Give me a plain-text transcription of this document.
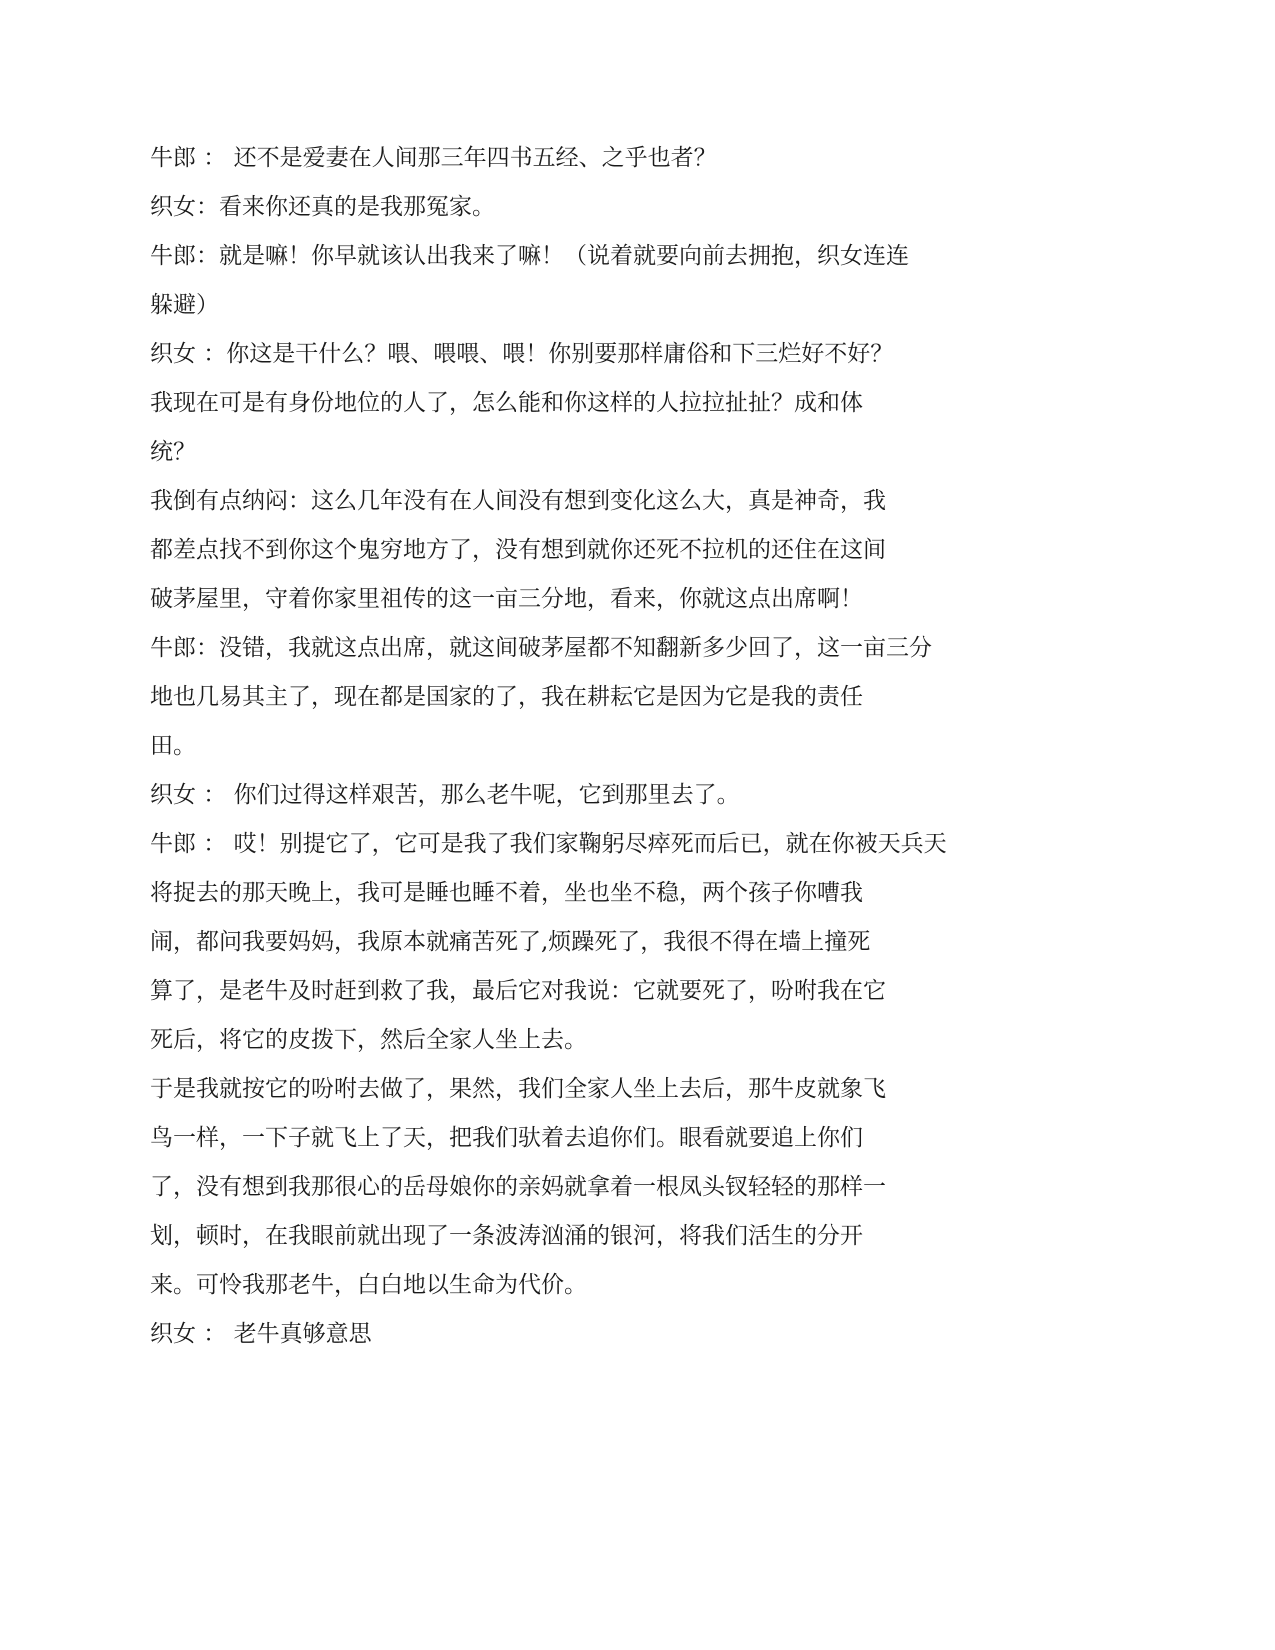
牛郎 ： 还不是爱妻在人间那三年四书五经、之乎也者？

织女：看来你还真的是我那冤家。

牛郎：就是嘛！你早就该认出我来了嘛！（说着就要向前去拥抱，织女连连

躲避）

织女 ：你这是干什么？喂、喂喂、喂！你别要那样庸俗和下三烂好不好？

我现在可是有身份地位的人了，怎么能和你这样的人拉拉扯扯？成和体

统？

我倒有点纳闷：这么几年没有在人间没有想到变化这么大，真是神奇，我

都差点找不到你这个鬼穷地方了，没有想到就你还死不拉机的还住在这间

破茅屋里，守着你家里祖传的这一亩三分地，看来，你就这点出席啊！

牛郎：没错，我就这点出席，就这间破茅屋都不知翻新多少回了，这一亩三分

地也几易其主了，现在都是国家的了，我在耕耘它是因为它是我的责任

田。

织女 ： 你们过得这样艰苦，那么老牛呢，它到那里去了。

牛郎 ： 哎！别提它了，它可是我了我们家鞠躬尽瘁死而后已，就在你被天兵天

将捉去的那天晚上，我可是睡也睡不着，坐也坐不稳，两个孩子你嘈我

闹，都问我要妈妈，我原本就痛苦死了,烦躁死了，我很不得在墙上撞死

算了，是老牛及时赶到救了我，最后它对我说：它就要死了，吩咐我在它

死后，将它的皮拨下，然后全家人坐上去。

于是我就按它的吩咐去做了，果然，我们全家人坐上去后，那牛皮就象飞

鸟一样，一下子就飞上了天，把我们驮着去追你们。眼看就要追上你们

了，没有想到我那很心的岳母娘你的亲妈就拿着一根凤头钗轻轻的那样一

划，顿时，在我眼前就出现了一条波涛汹涌的银河，将我们活生的分开

来。可怜我那老牛，白白地以生命为代价。

织女 ： 老牛真够意思
